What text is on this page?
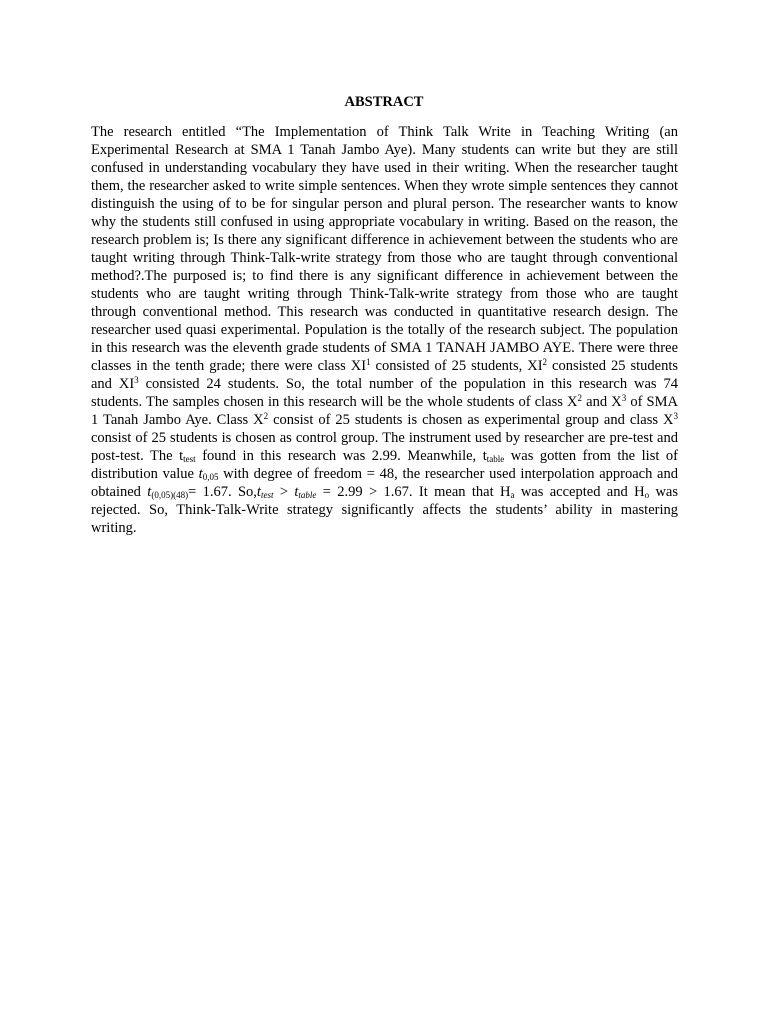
ABSTRACT

The research entitled “The Implementation of Think Talk Write in Teaching Writing (an Experimental Research at SMA 1 Tanah Jambo Aye). Many students can write but they are still confused in understanding vocabulary they have used in their writing. When the researcher taught them, the researcher asked to write simple sentences. When they wrote simple sentences they cannot distinguish the using of to be for singular person and plural person. The researcher wants to know why the students still confused in using appropriate vocabulary in writing. Based on the reason, the research problem is; Is there any significant difference in achievement between the students who are taught writing through Think-Talk-write strategy from those who are taught through conventional method?.The purposed is; to find there is any significant difference in achievement between the students who are taught writing through Think-Talk-write strategy from those who are taught through conventional method. This research was conducted in quantitative research design. The researcher used quasi experimental. Population is the totally of the research subject. The population in this research was the eleventh grade students of SMA 1 TANAH JAMBO AYE. There were three classes in the tenth grade; there were class $XI^1$ consisted of 25 students, $XI^2$ consisted 25 students and $XI^3$ consisted 24 students. So, the total number of the population in this research was 74 students. The samples chosen in this research will be the whole students of class $X^2$ and $X^3$ of SMA 1 Tanah Jambo Aye. Class $X^2$ consist of 25 students is chosen as experimental group and class $X^3$ consist of 25 students is chosen as control group. The instrument used by researcher are pre-test and post-test. The $t_{test}$ found in this research was 2.99. Meanwhile, $t_{table}$ was gotten from the list of distribution value $t_{0,05}$ with degree of freedom = 48, the researcher used interpolation approach and obtained $t_{(0,05)(48)}= 1.67$. So,ttest > ttable = 2.99 > 1.67. It mean that $H_a$ was accepted and $H_o$ was rejected. So, Think-Talk-Write strategy significantly affects the students’ ability in mastering writing.
